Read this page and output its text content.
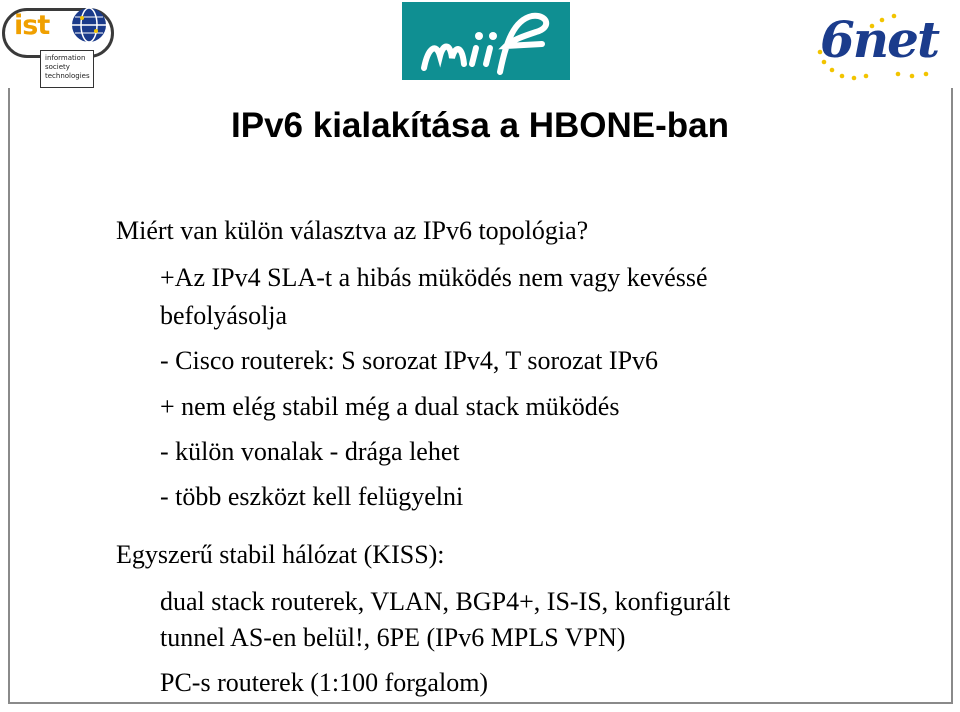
ist
information
society
technologies
6net
IPv6 kialakítása a HBONE-ban
Miért van külön választva az IPv6 topológia?
+Az IPv4 SLA-t a hibás müködés nem vagy kevéssé
befolyásolja
- Cisco routerek: S sorozat IPv4, T sorozat IPv6
+ nem elég stabil még a dual stack müködés
- külön vonalak - drága lehet
- több eszközt kell felügyelni
Egyszerű stabil hálózat (KISS):
dual stack routerek, VLAN, BGP4+, IS-IS, konfigurált
tunnel AS-en belül!, 6PE (IPv6 MPLS VPN)
PC-s routerek (1:100 forgalom)
